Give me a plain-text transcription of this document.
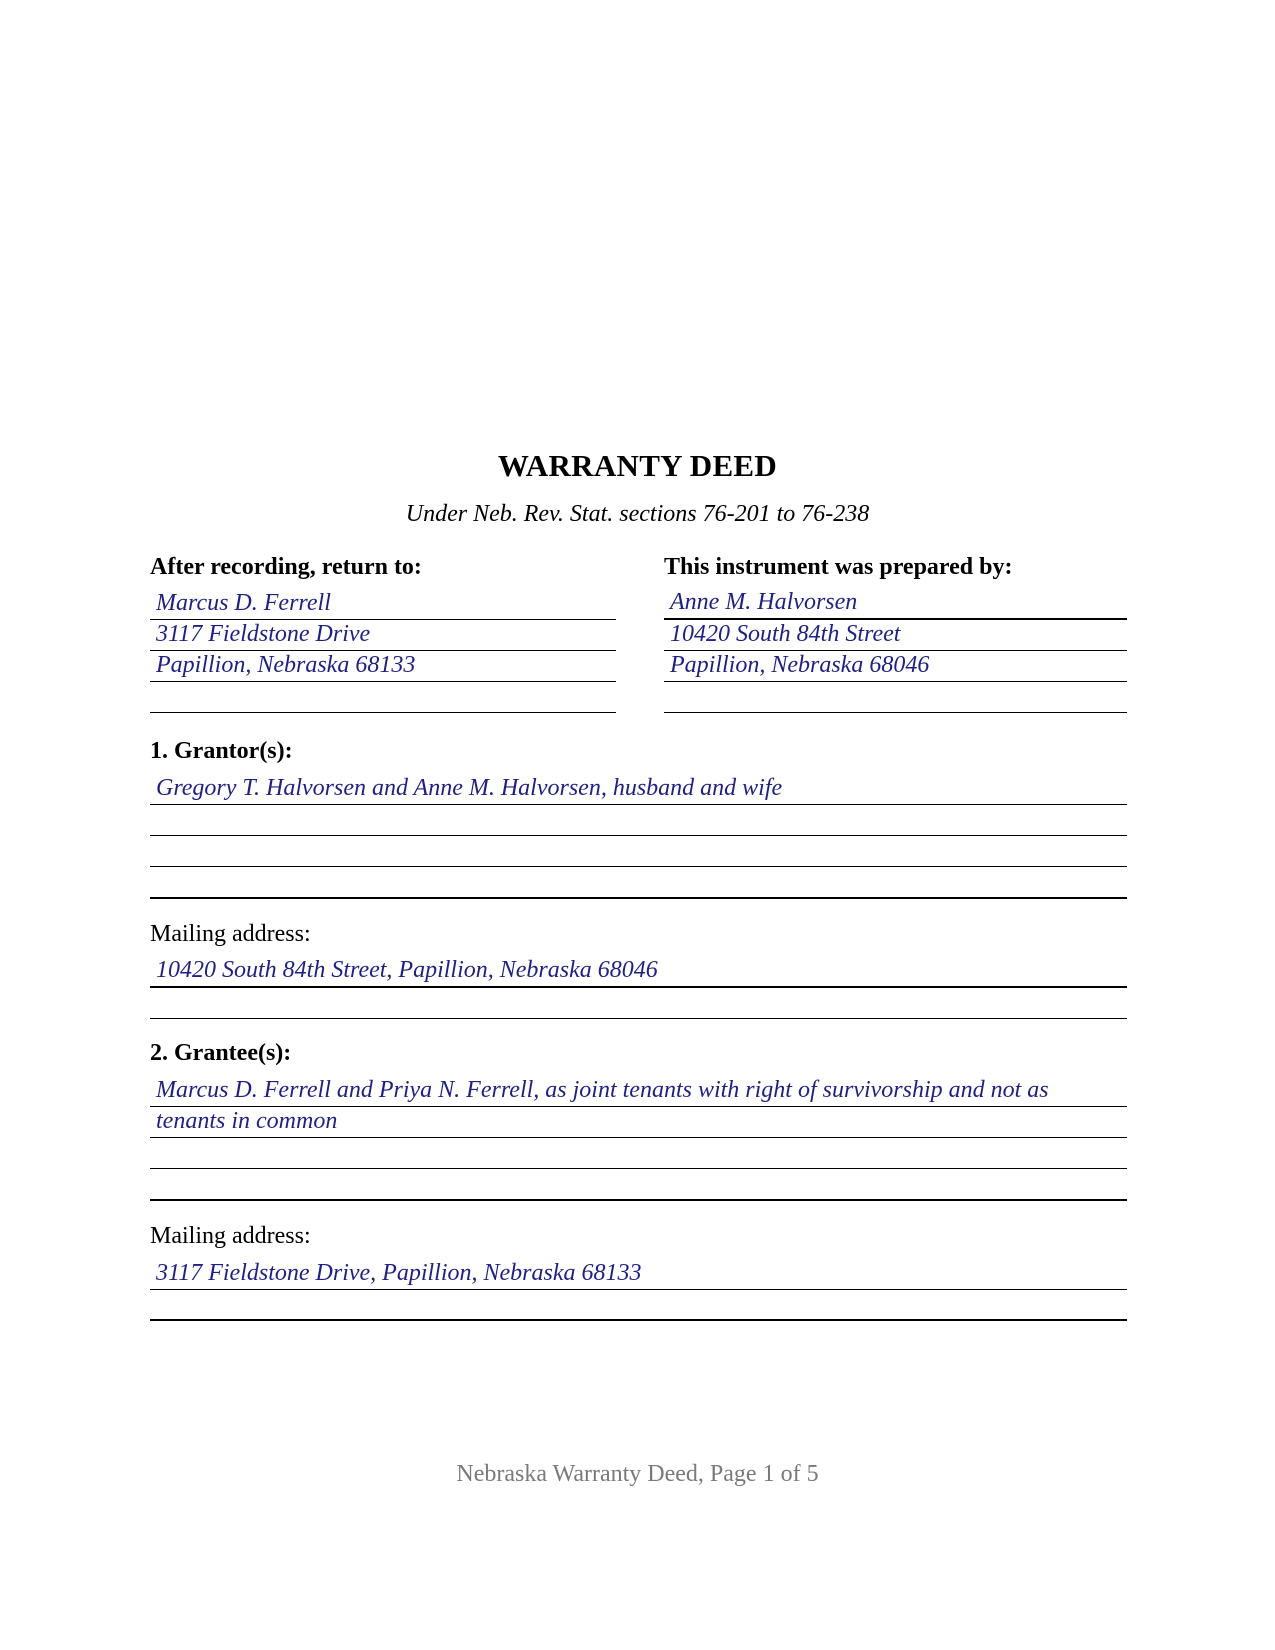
WARRANTY DEED
Under Neb. Rev. Stat. sections 76-201 to 76-238
After recording, return to:
Marcus D. Ferrell
3117 Fieldstone Drive
Papillion, Nebraska 68133
This instrument was prepared by:
Anne M. Halvorsen
10420 South 84th Street
Papillion, Nebraska 68046
1. Grantor(s):
Gregory T. Halvorsen and Anne M. Halvorsen, husband and wife
Mailing address:
10420 South 84th Street, Papillion, Nebraska 68046
2. Grantee(s):
Marcus D. Ferrell and Priya N. Ferrell, as joint tenants with right of survivorship and not as
tenants in common
Mailing address:
3117 Fieldstone Drive, Papillion, Nebraska 68133
Nebraska Warranty Deed, Page 1 of 5
